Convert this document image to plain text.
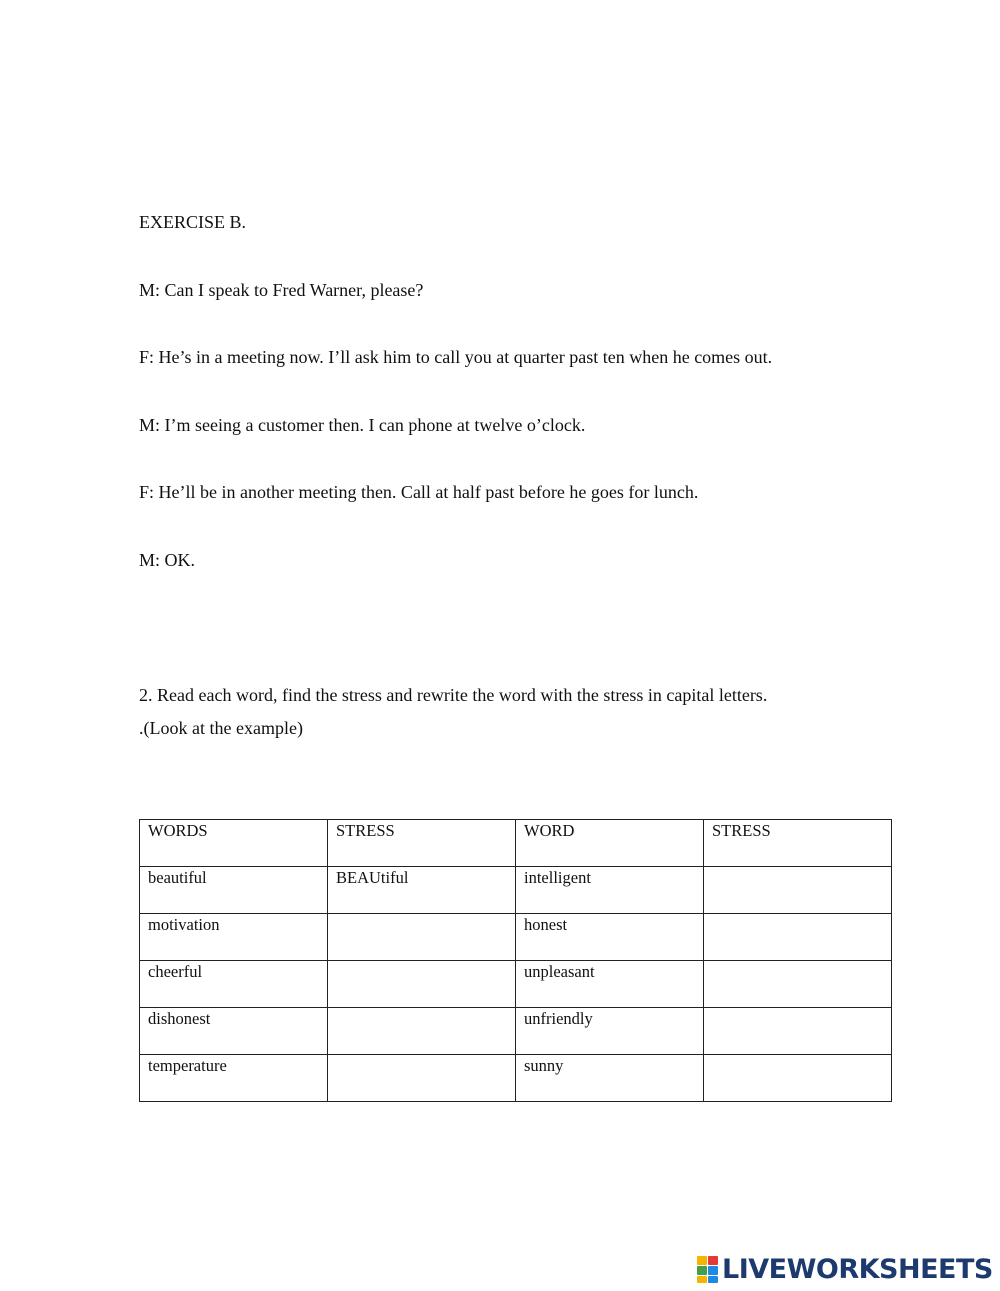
EXERCISE B.
M: Can I speak to Fred Warner, please?
F: He’s in a meeting now. I’ll ask him to call you at quarter past ten when he comes out.
M: I’m seeing a customer then. I can phone at twelve o’clock.
F: He’ll be in another meeting then. Call at half past before he goes for lunch.
M: OK.
2. Read each word, find the stress and rewrite the word with the stress in capital letters.
.(Look at the example)
WORDS	STRESS	WORD	STRESS
beautiful	BEAUtiful	intelligent	
motivation		honest	
cheerful		unpleasant	
dishonest		unfriendly	
temperature		sunny	
LIVEWORKSHEETS
